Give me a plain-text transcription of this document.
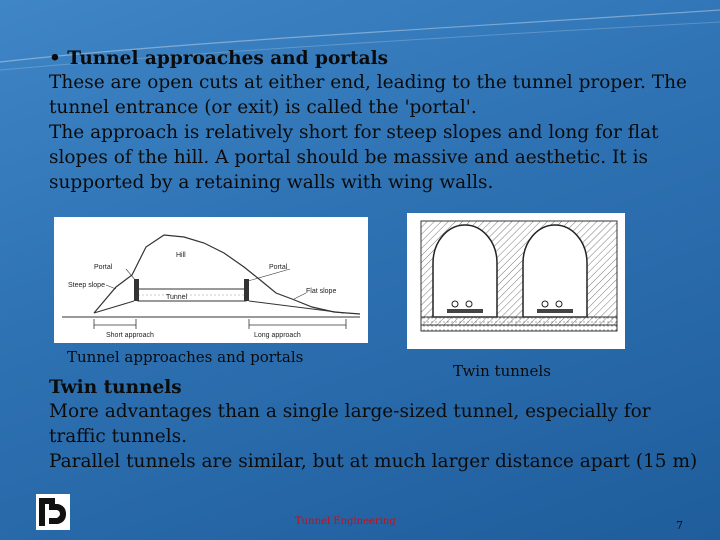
• Tunnel approaches and portals

These are open cuts at either end, leading to the tunnel proper. The

tunnel entrance (or exit) is called the 'portal'.

The approach is relatively short for steep slopes and long for flat

slopes of the hill. A portal should be massive and aesthetic. It is

supported by a retaining walls with wing walls.

Hill
Portal	Portal
Steep slope
Tunnel
Flat slope
Short approach	Long approach
Tunnel approaches and portals
Twin tunnels

Twin tunnels

More advantages than a single large-sized tunnel, especially for

traffic tunnels.

Parallel tunnels are similar, but at much larger distance apart (15 m)

Tunnel Engineering	7
